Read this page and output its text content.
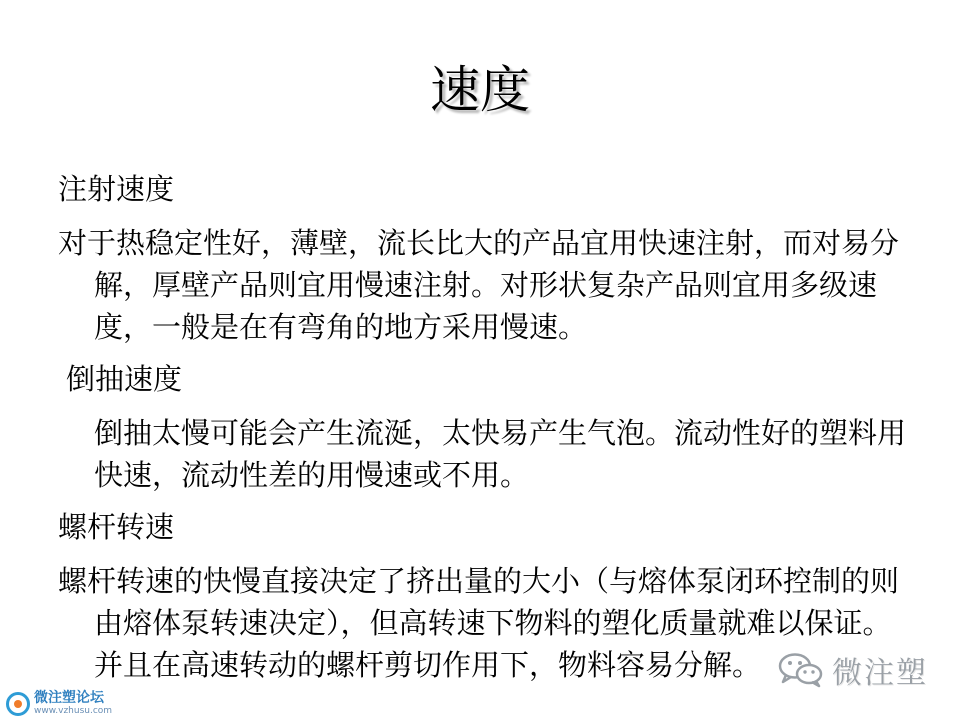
速度
注射速度
对于热稳定性好，薄壁，流长比大的产品宜用快速注射，而对易分解，厚壁产品则宜用慢速注射。对形状复杂产品则宜用多级速度，一般是在有弯角的地方采用慢速。
倒抽速度
倒抽太慢可能会产生流涎，太快易产生气泡。流动性好的塑料用快速，流动性差的用慢速或不用。
螺杆转速
螺杆转速的快慢直接决定了挤出量的大小（与熔体泵闭环控制的则由熔体泵转速决定），但高转速下物料的塑化质量就难以保证。并且在高速转动的螺杆剪切作用下，物料容易分解。	微注塑
微注塑论坛
www.vzhusu.com
